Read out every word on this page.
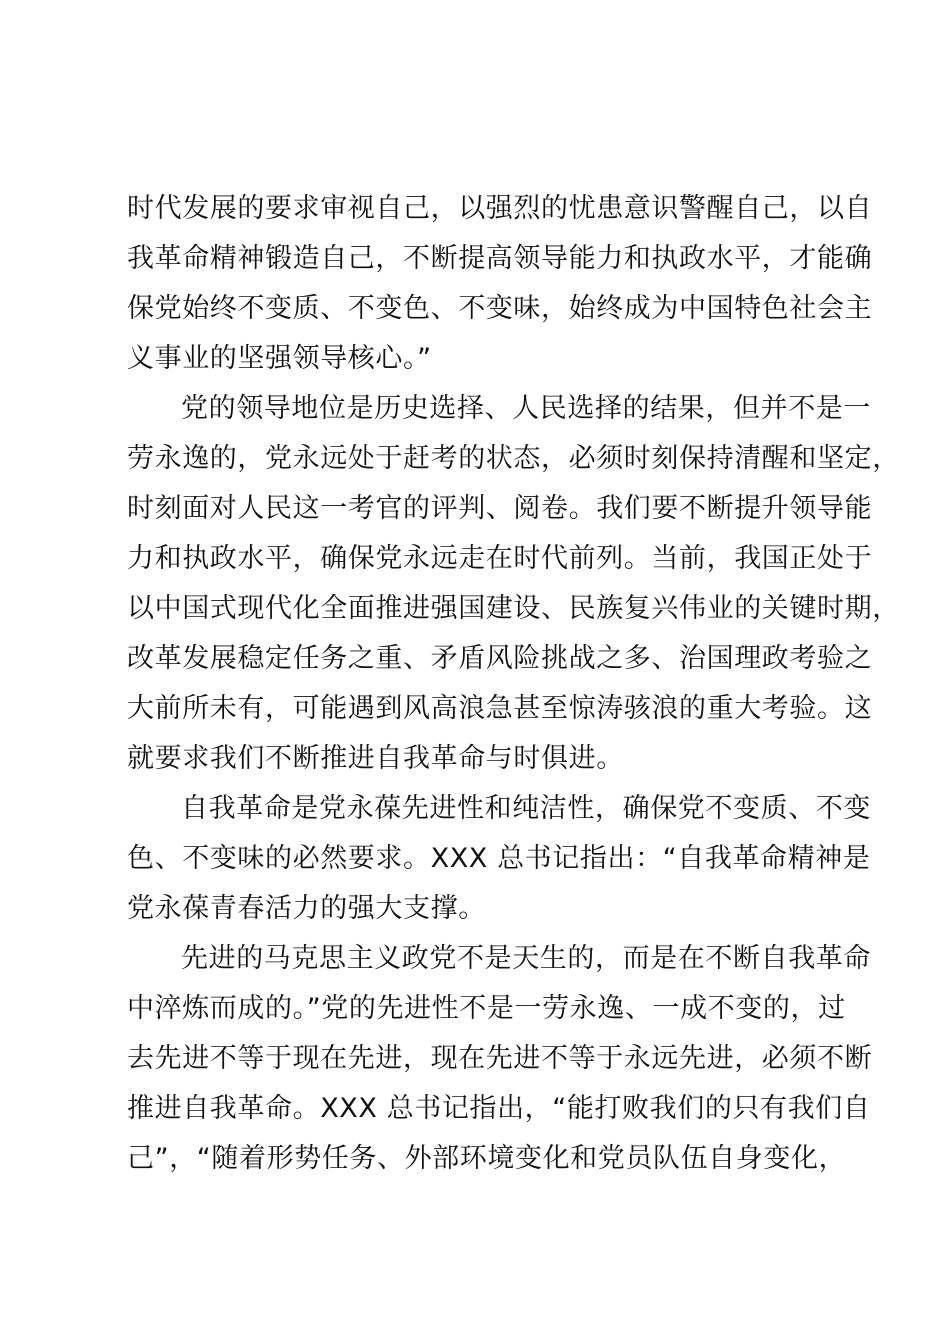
时代发展的要求审视自己，以强烈的忧患意识警醒自己，以自
我革命精神锻造自己，不断提高领导能力和执政水平，才能确
保党始终不变质、不变色、不变味，始终成为中国特色社会主
义事业的坚强领导核心。”
党的领导地位是历史选择、人民选择的结果，但并不是一
劳永逸的，党永远处于赶考的状态，必须时刻保持清醒和坚定，
时刻面对人民这一考官的评判、阅卷。我们要不断提升领导能
力和执政水平，确保党永远走在时代前列。当前，我国正处于
以中国式现代化全面推进强国建设、民族复兴伟业的关键时期，
改革发展稳定任务之重、矛盾风险挑战之多、治国理政考验之
大前所未有，可能遇到风高浪急甚至惊涛骇浪的重大考验。这
就要求我们不断推进自我革命与时俱进。
自我革命是党永葆先进性和纯洁性，确保党不变质、不变
色、不变味的必然要求。XXX 总书记指出：“自我革命精神是
党永葆青春活力的强大支撑。
先进的马克思主义政党不是天生的，而是在不断自我革命
中淬炼而成的。”党的先进性不是一劳永逸、一成不变的，过
去先进不等于现在先进，现在先进不等于永远先进，必须不断
推进自我革命。XXX 总书记指出，“能打败我们的只有我们自
己”，“随着形势任务、外部环境变化和党员队伍自身变化，
